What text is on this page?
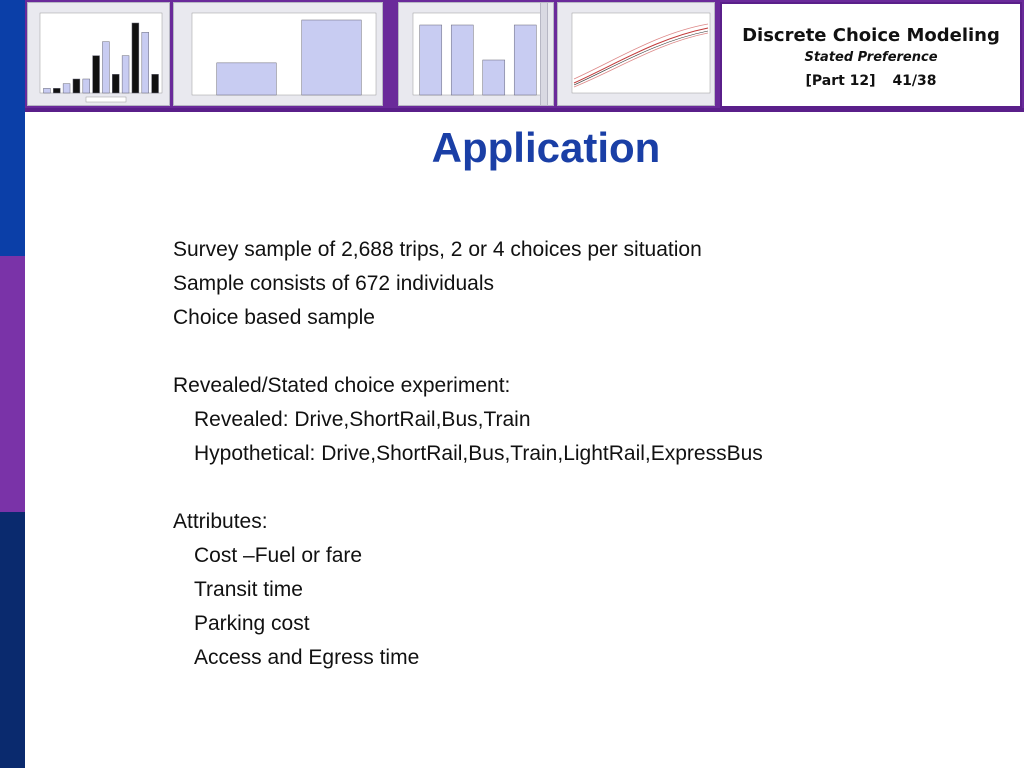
Discrete Choice Modeling
Stated Preference
[Part 12] 41/38
Application
Survey sample of 2,688 trips, 2 or 4 choices per situation
Sample consists of 672 individuals
Choice based sample
Revealed/Stated choice experiment:
Revealed: Drive,ShortRail,Bus,Train
Hypothetical: Drive,ShortRail,Bus,Train,LightRail,ExpressBus
Attributes:
Cost –Fuel or fare
Transit time
Parking cost
Access and Egress time
